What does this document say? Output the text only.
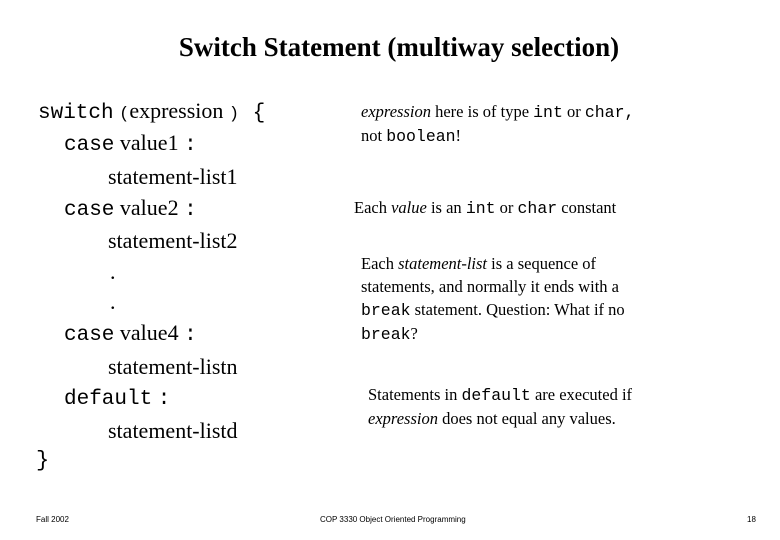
Switch Statement (multiway selection)
switch (expression ) {
case value1 :
statement-list1
case value2 :
statement-list2
.
.
case value4 :
statement-listn
default :
statement-listd
}
expression here is of type int or char,
not boolean!
Each value is an int or char constant
Each statement-list is a sequence of
statements, and normally it ends with a
break statement. Question: What if no
break?
Statements in default are executed if
expression does not equal any values.
Fall 2002	COP 3330 Object Oriented Programming	18
